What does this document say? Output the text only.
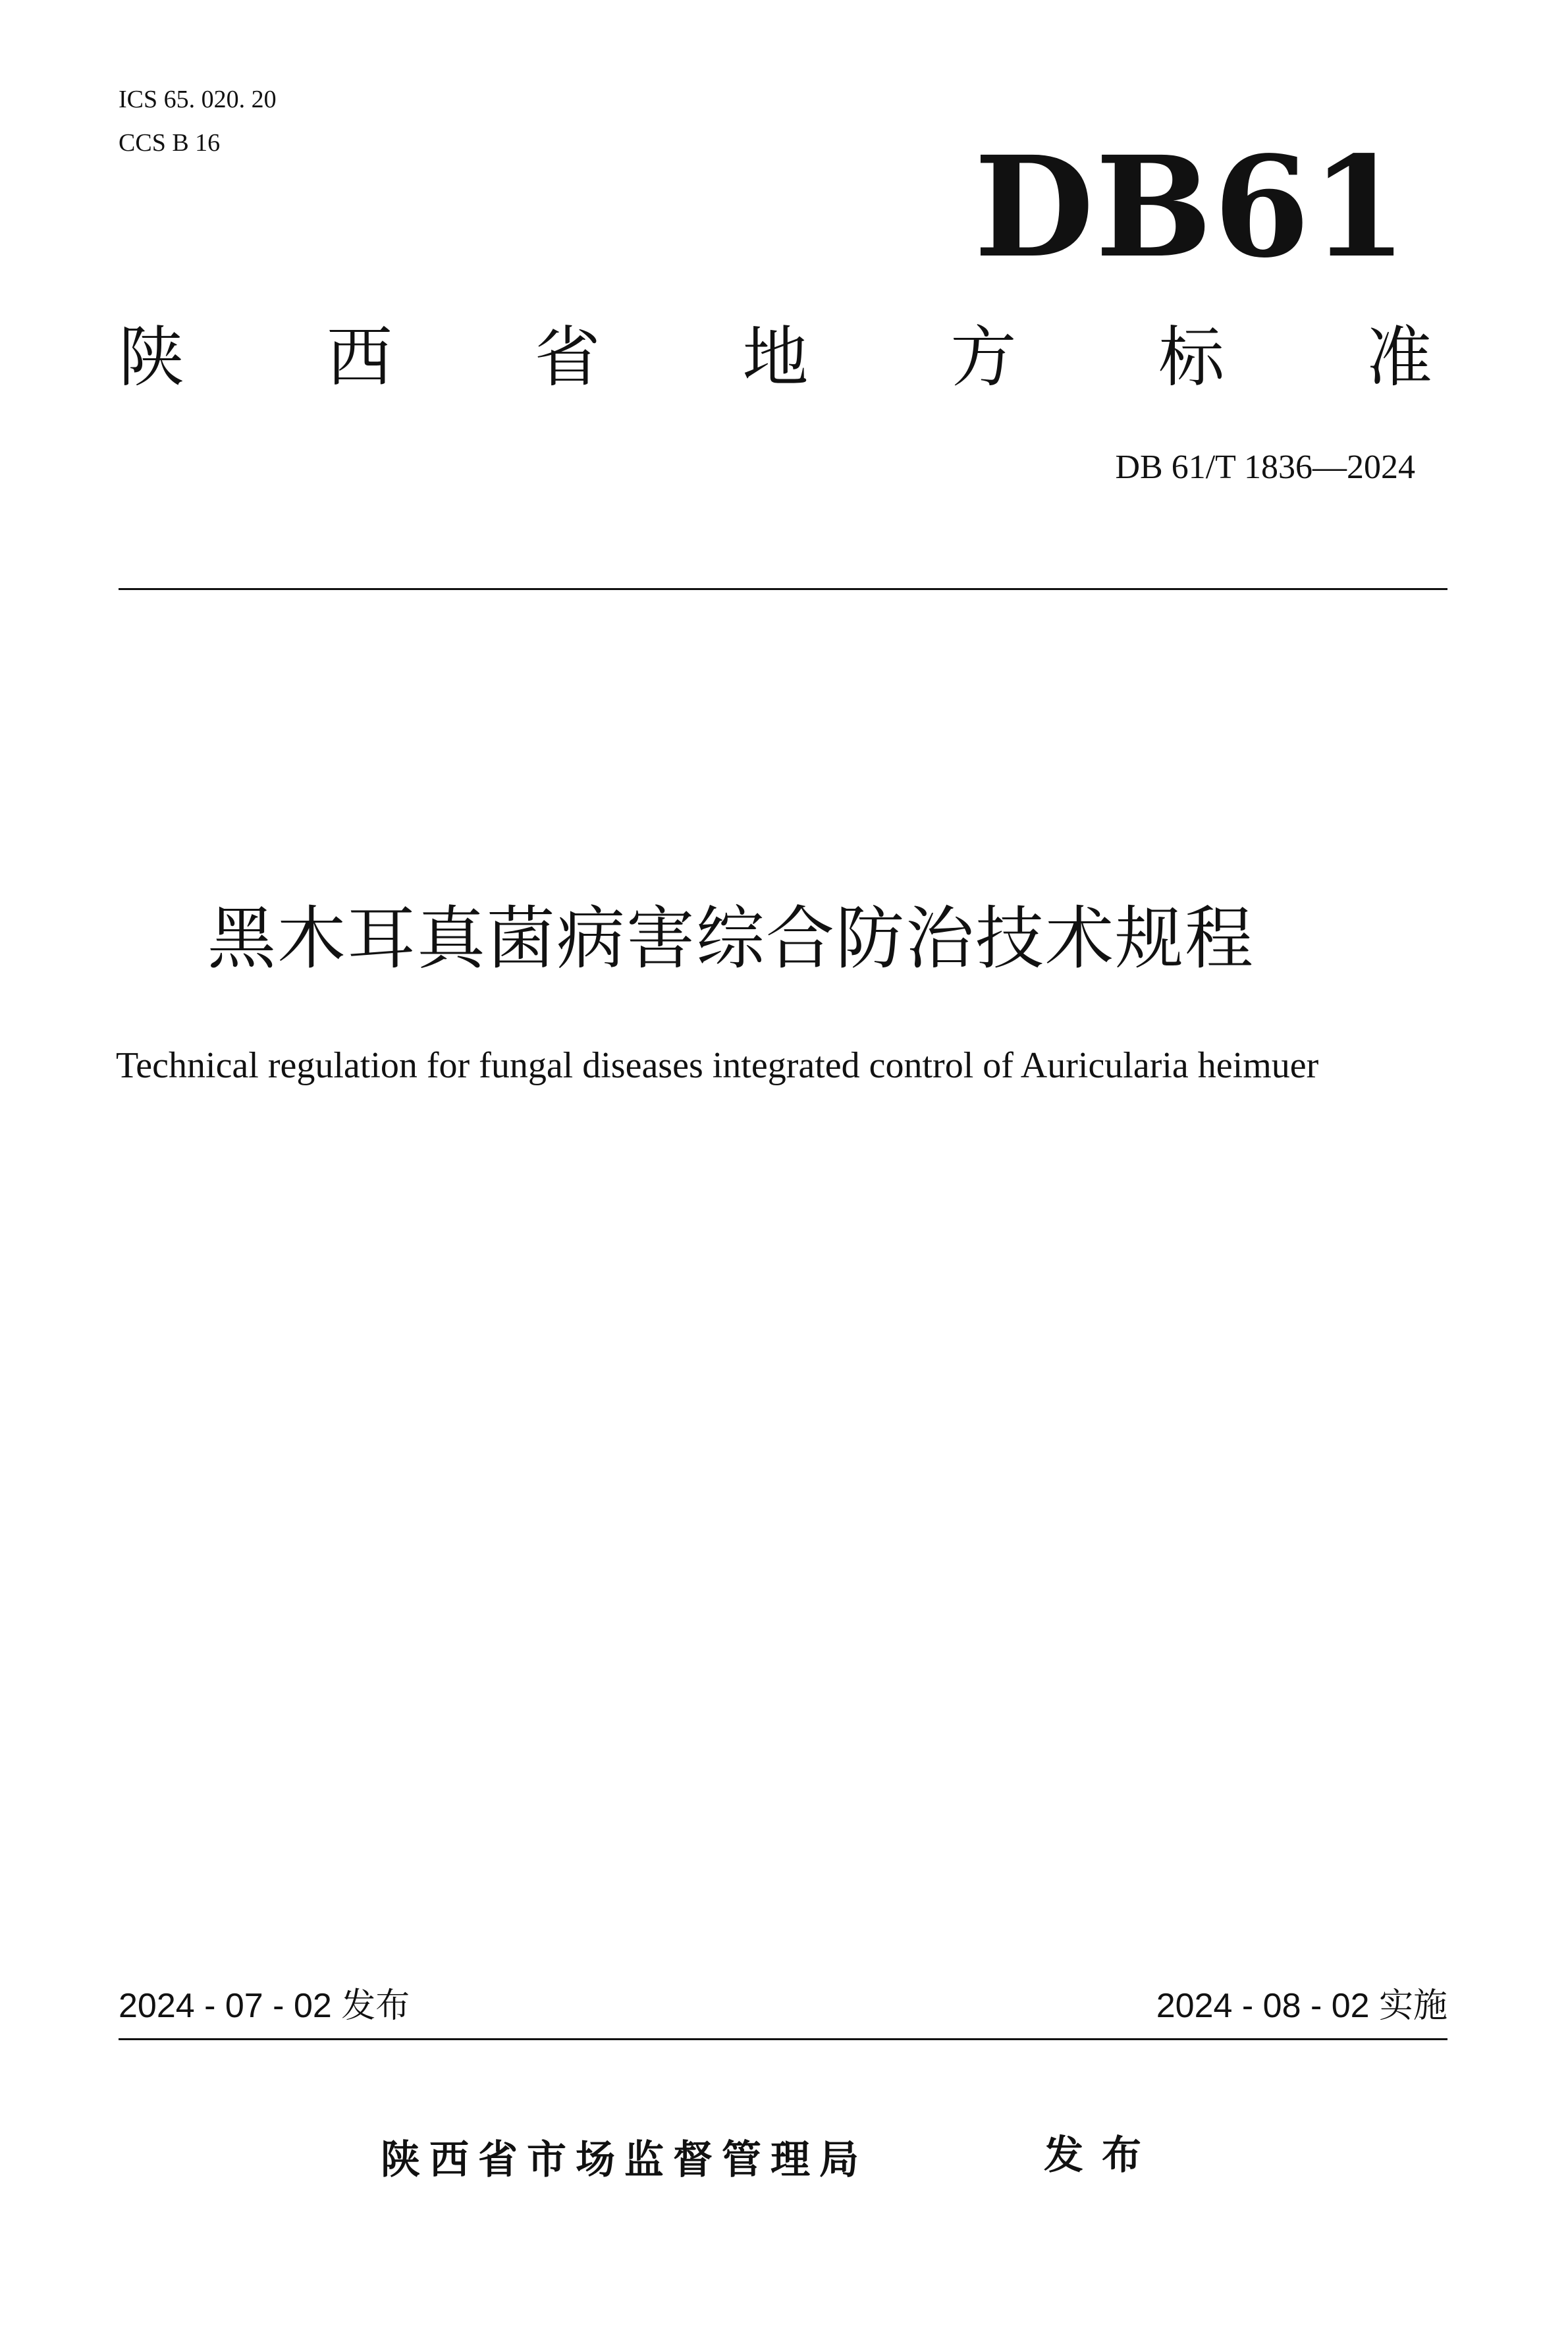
ICS 65. 020. 20
CCS B 16	DB61
陕 西 省 地 方 标 准
DB 61/T 1836—2024
黑木耳真菌病害综合防治技术规程
Technical regulation for fungal diseases integrated control of Auricularia heimuer
2024 - 07 - 02 发布	2024 - 08 - 02 实施
陕西省市场监督管理局	发布
